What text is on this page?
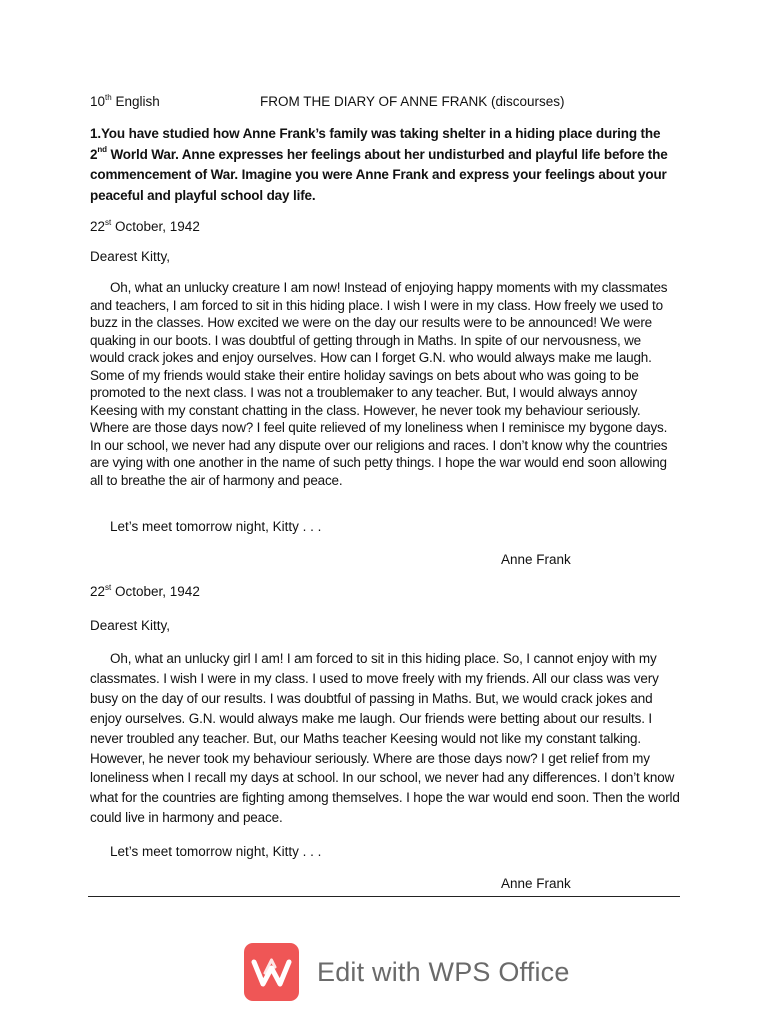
10th English	FROM THE DIARY OF ANNE FRANK (discourses)
1.You have studied how Anne Frank’s family was taking shelter in a hiding place during the 2nd World War. Anne expresses her feelings about her undisturbed and playful life before the commencement of War. Imagine you were Anne Frank and express your feelings about your peaceful and playful school day life.
22st October, 1942
Dearest Kitty,
Oh, what an unlucky creature I am now! Instead of enjoying happy moments with my classmates and teachers, I am forced to sit in this hiding place. I wish I were in my class. How freely we used to buzz in the classes. How excited we were on the day our results were to be announced! We were quaking in our boots. I was doubtful of getting through in Maths. In spite of our nervousness, we would crack jokes and enjoy ourselves. How can I forget G.N. who would always make me laugh. Some of my friends would stake their entire holiday savings on bets about who was going to be promoted to the next class. I was not a troublemaker to any teacher. But, I would always annoy Keesing with my constant chatting in the class. However, he never took my behaviour seriously. Where are those days now? I feel quite relieved of my loneliness when I reminisce my bygone days. In our school, we never had any dispute over our religions and races. I don’t know why the countries are vying with one another in the name of such petty things. I hope the war would end soon allowing all to breathe the air of harmony and peace.
Let’s meet tomorrow night, Kitty . . .
Anne Frank
22st October, 1942
Dearest Kitty,
Oh, what an unlucky girl I am! I am forced to sit in this hiding place. So, I cannot enjoy with my classmates. I wish I were in my class. I used to move freely with my friends. All our class was very busy on the day of our results. I was doubtful of passing in Maths. But, we would crack jokes and enjoy ourselves. G.N. would always make me laugh. Our friends were betting about our results. I never troubled any teacher. But, our Maths teacher Keesing would not like my constant talking. However, he never took my behaviour seriously. Where are those days now? I get relief from my loneliness when I recall my days at school. In our school, we never had any differences. I don’t know what for the countries are fighting among themselves. I hope the war would end soon. Then the world could live in harmony and peace.
Let’s meet tomorrow night, Kitty . . .
Anne Frank
Edit with WPS Office
